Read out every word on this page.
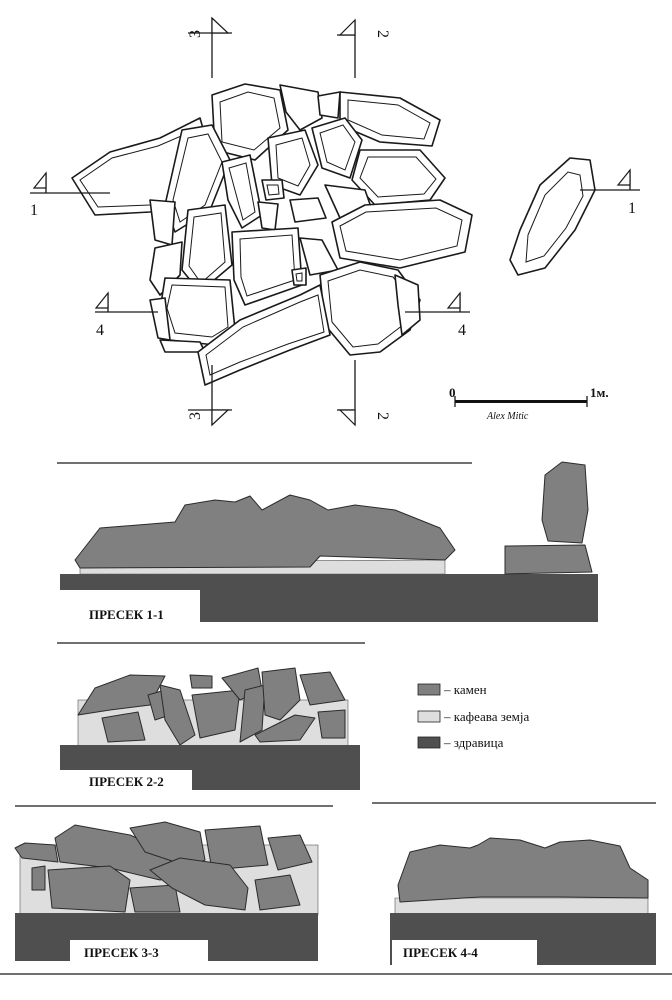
1	1
2
2
3
3
4	4
0	1м.
Alex Mitic
ПРЕСЕК 1-1
ПРЕСЕК 2-2
– камен
– кафеава земја
– здравица
ПРЕСЕК 3-3	ПРЕСЕК 4-4
